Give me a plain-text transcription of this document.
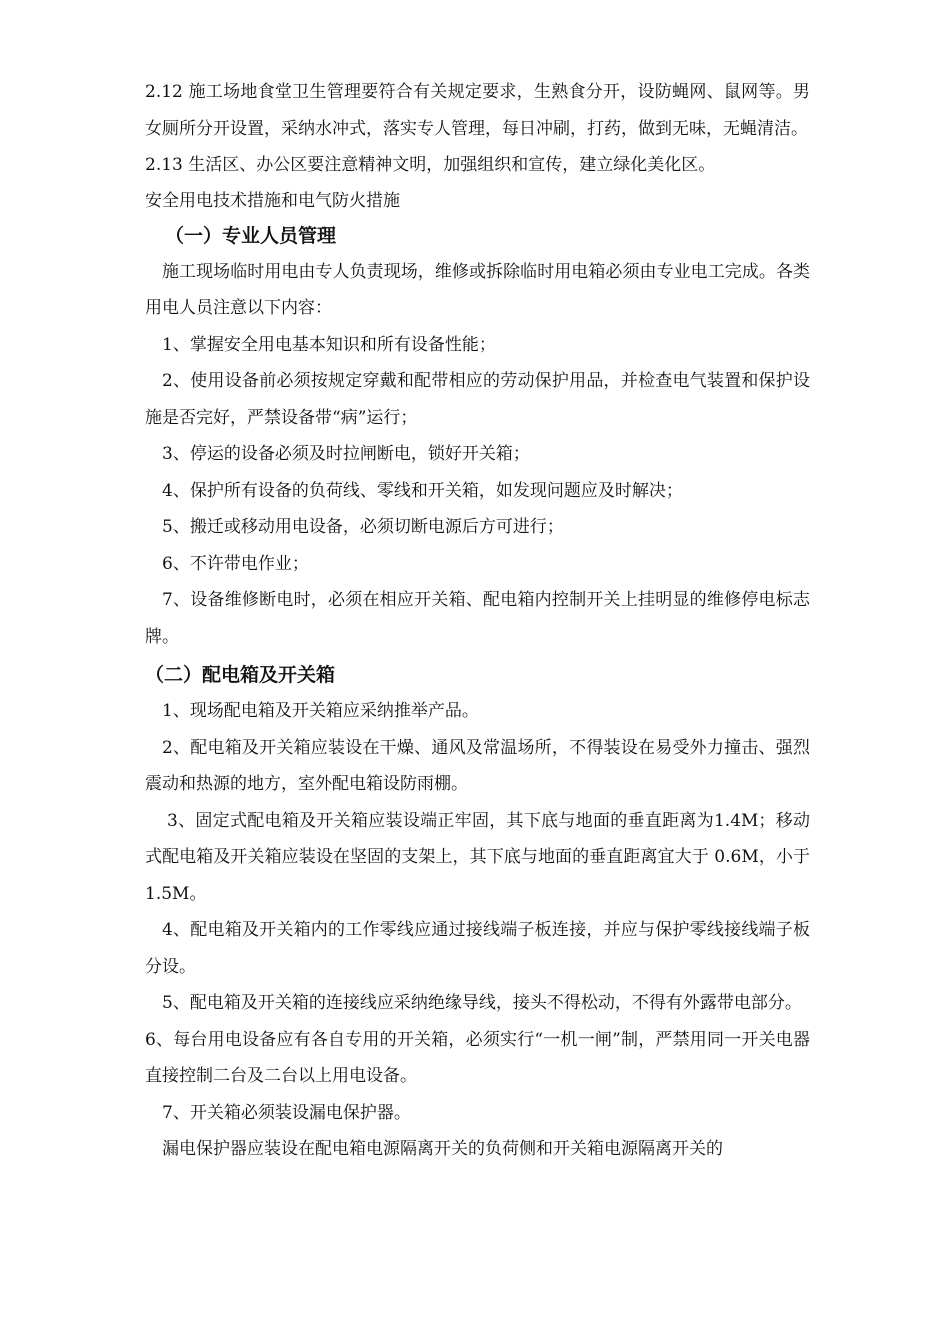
2.12 施工场地食堂卫生管理要符合有关规定要求，生熟食分开，设防蝇网、鼠网等。男女厕所分开设置，采纳水冲式，落实专人管理，每日冲刷，打药，做到无味，无蝇清洁。

2.13 生活区、办公区要注意精神文明，加强组织和宣传，建立绿化美化区。

安全用电技术措施和电气防火措施

（一）专业人员管理

施工现场临时用电由专人负责现场，维修或拆除临时用电箱必须由专业电工完成。各类用电人员注意以下内容：

1、掌握安全用电基本知识和所有设备性能；

2、使用设备前必须按规定穿戴和配带相应的劳动保护用品，并检查电气装置和保护设施是否完好，严禁设备带“病”运行；

3、停运的设备必须及时拉闸断电，锁好开关箱；

4、保护所有设备的负荷线、零线和开关箱，如发现问题应及时解决；

5、搬迁或移动用电设备，必须切断电源后方可进行；

6、不许带电作业；

7、设备维修断电时，必须在相应开关箱、配电箱内控制开关上挂明显的维修停电标志牌。

（二）配电箱及开关箱

1、现场配电箱及开关箱应采纳推举产品。

2、配电箱及开关箱应装设在干燥、通风及常温场所，不得装设在易受外力撞击、强烈震动和热源的地方，室外配电箱设防雨棚。

3、固定式配电箱及开关箱应装设端正牢固，其下底与地面的垂直距离为1.4M；移动式配电箱及开关箱应装设在坚固的支架上，其下底与地面的垂直距离宜大于 0.6M，小于 1.5M。

4、配电箱及开关箱内的工作零线应通过接线端子板连接，并应与保护零线接线端子板分设。

5、配电箱及开关箱的连接线应采纳绝缘导线，接头不得松动，不得有外露带电部分。

6、每台用电设备应有各自专用的开关箱，必须实行“一机一闸”制，严禁用同一开关电器直接控制二台及二台以上用电设备。

7、开关箱必须装设漏电保护器。

漏电保护器应装设在配电箱电源隔离开关的负荷侧和开关箱电源隔离开关的
